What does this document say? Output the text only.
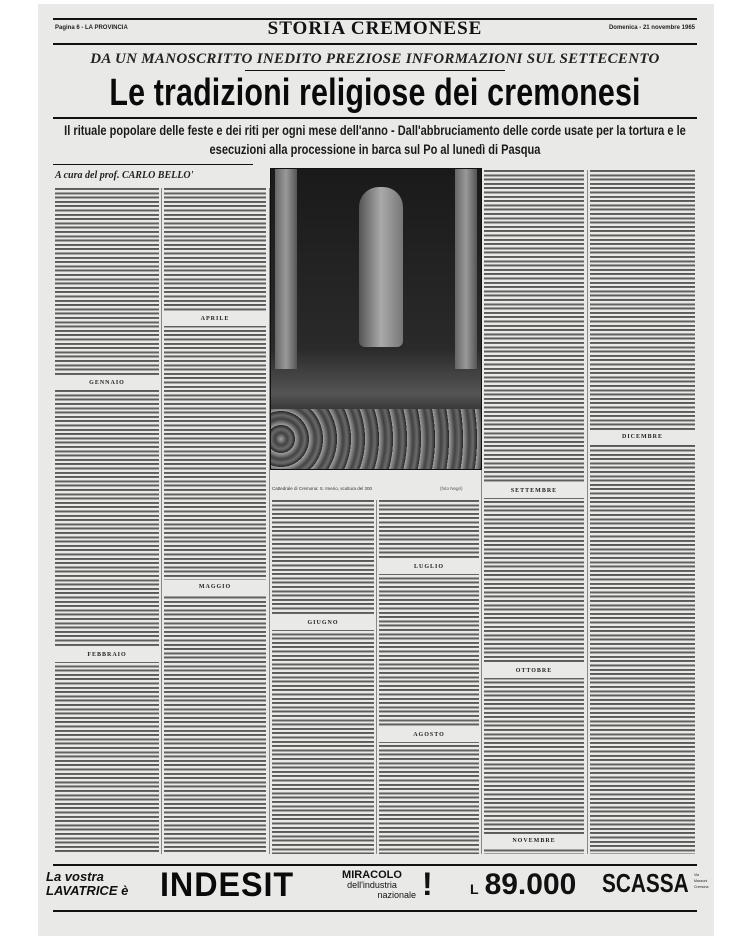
Pagina 6 - LA PROVINCIA	STORIA CREMONESE	Domenica - 21 novembre 1965
DA UN MANOSCRITTO INEDITO PREZIOSE INFORMAZIONI SUL SETTECENTO
Le tradizioni religiose dei cremonesi
Il rituale popolare delle feste e dei riti per ogni mese dell'anno - Dall'abbruciamento delle corde usate per la tortura e le esecuzioni alla processione in barca sul Po al lunedì di Pasqua
A cura del prof. CARLO BELLO'
GENNAIO
FEBBRAIO
APRILE
MAGGIO
GIUGNO
LUGLIO
AGOSTO
SETTEMBRE
OTTOBRE
NOVEMBRE
DICEMBRE
Cattedrale di Cremona: S. Imerio, scultura del 300	(foto Negri)
La vostra
LAVATRICE è INDESIT	MIRACOLO
dell'industria
nazionale !	L 89.000 SCASSA Via Manzoni Cremona
